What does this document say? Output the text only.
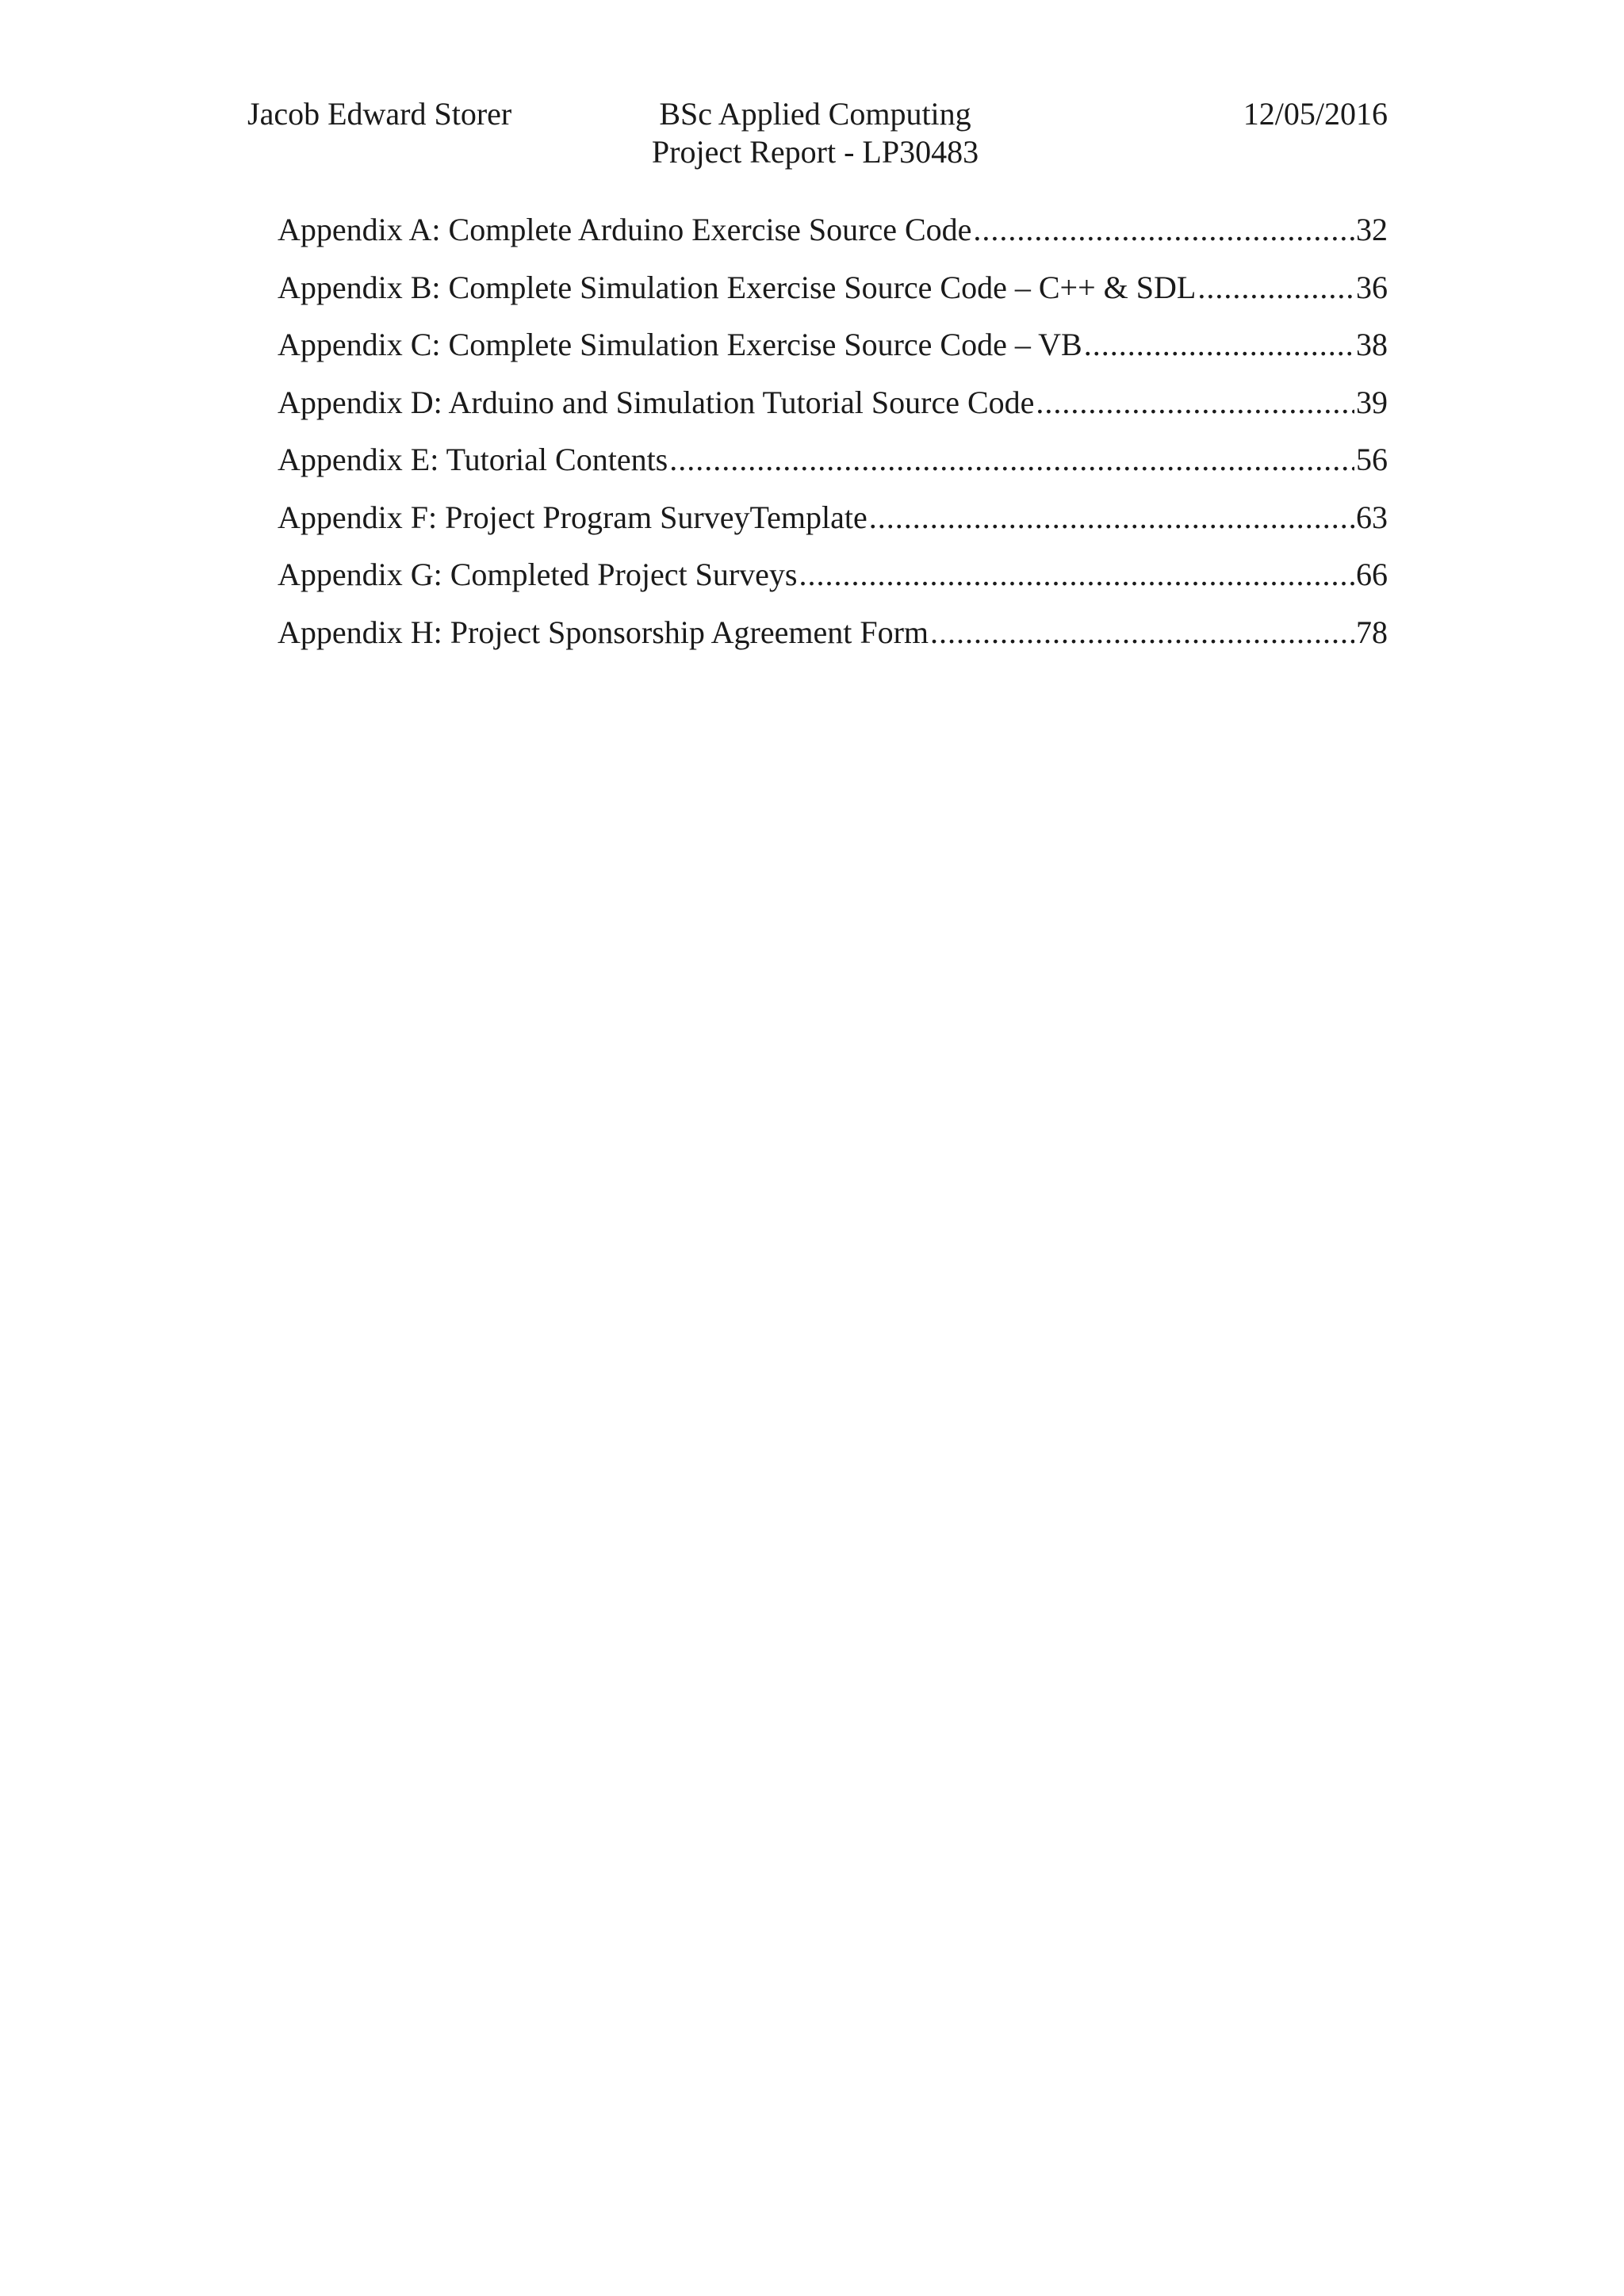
Jacob Edward Storer	BSc Applied Computing
Project Report - LP30483
12/05/2016
Appendix A: Complete Arduino Exercise Source Code .....	32
Appendix B: Complete Simulation Exercise Source Code – C++ & SDL .....	36
Appendix C: Complete Simulation Exercise Source Code – VB .....	38
Appendix D: Arduino and Simulation Tutorial Source Code .....	39
Appendix E: Tutorial Contents .....	56
Appendix F: Project Program SurveyTemplate .....	63
Appendix G: Completed Project Surveys .....	66
Appendix H: Project Sponsorship Agreement Form .....	78
